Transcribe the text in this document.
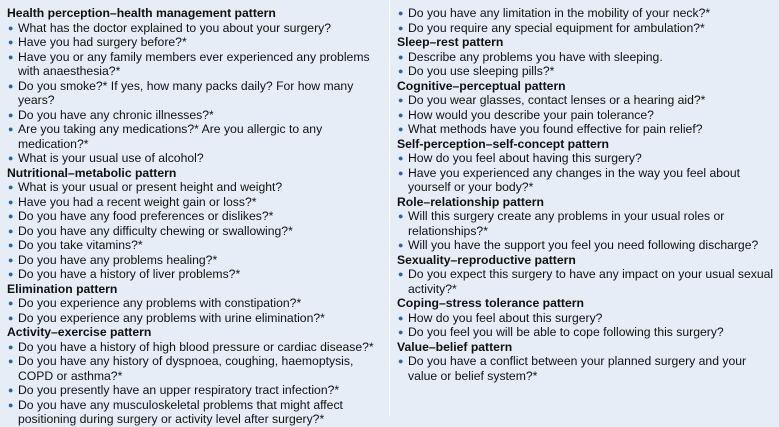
Health perception–health management pattern
● What has the doctor explained to you about your surgery?
● Have you had surgery before?*
● Have you or any family members ever experienced any problems with anaesthesia?*
● Do you smoke?* If yes, how many packs daily? For how many years?
● Do you have any chronic illnesses?*
● Are you taking any medications?* Are you allergic to any medication?*
● What is your usual use of alcohol?
Nutritional–metabolic pattern
● What is your usual or present height and weight?
● Have you had a recent weight gain or loss?*
● Do you have any food preferences or dislikes?*
● Do you have any difficulty chewing or swallowing?*
● Do you take vitamins?*
● Do you have any problems healing?*
● Do you have a history of liver problems?*
Elimination pattern
● Do you experience any problems with constipation?*
● Do you experience any problems with urine elimination?*
Activity–exercise pattern
● Do you have a history of high blood pressure or cardiac disease?*
● Do you have any history of dyspnoea, coughing, haemoptysis, COPD or asthma?*
● Do you presently have an upper respiratory tract infection?*
● Do you have any musculoskeletal problems that might affect positioning during surgery or activity level after surgery?*
● Do you have any limitation in the mobility of your neck?*
● Do you require any special equipment for ambulation?*
Sleep–rest pattern
● Describe any problems you have with sleeping.
● Do you use sleeping pills?*
Cognitive–perceptual pattern
● Do you wear glasses, contact lenses or a hearing aid?*
● How would you describe your pain tolerance?
● What methods have you found effective for pain relief?
Self-perception–self-concept pattern
● How do you feel about having this surgery?
● Have you experienced any changes in the way you feel about yourself or your body?*
Role–relationship pattern
● Will this surgery create any problems in your usual roles or relationships?*
● Will you have the support you feel you need following discharge?
Sexuality–reproductive pattern
● Do you expect this surgery to have any impact on your usual sexual activity?*
Coping–stress tolerance pattern
● How do you feel about this surgery?
● Do you feel you will be able to cope following this surgery?
Value–belief pattern
● Do you have a conflict between your planned surgery and your value or belief system?*
